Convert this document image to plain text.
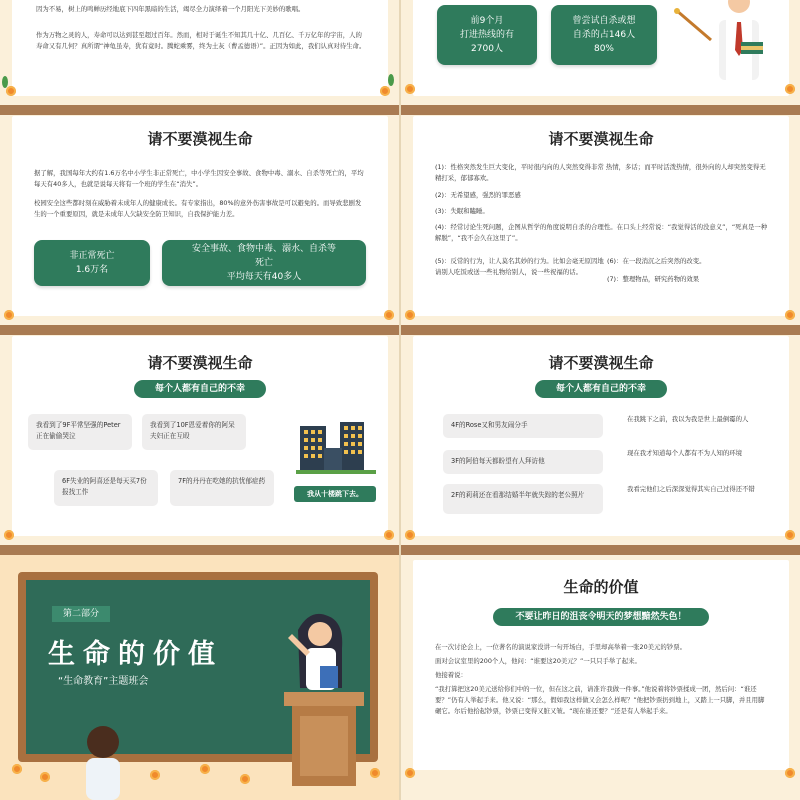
因为不易，树上的鸣蝉历经地底下四年黑暗的生活，竭尽全力演绎着一个月阳光下美妙的歌唱。
作为万物之灵的人，寿命可以达到甚至超过百年。然而，相对于诞生不知其几十亿、几百亿、千万亿年的宇宙，人的寿命又有几何？真所谓“神龟虽寿，犹有竟时。腾蛇乘雾，终为土灰（曹孟德语）”。正因为如此，我们认真对待生命。
前9个月
打进热线的有
2700人
曾尝试自杀或想
自杀的占146人
80%
请不要漠视生命
据了解，我国每年大约有1.6万名中小学生非正常死亡，中小学生因安全事故、食物中毒、溺水、自杀等死亡的，平均每天有40多人，也就是说每天将有一个班的学生在“消失”。
校园安全这些都时刻在威胁着未成年人的健康成长。有专家指出，80%的意外伤害事故是可以避免的。而导致悲剧发生的一个重要原因，就是未成年人欠缺安全防卫知识，自我保护能力差。
非正常死亡
1.6万名
安全事故、食物中毒、溺水、自杀等
死亡
平均每天有40多人
请不要漠视生命
(1)：性格突然发生巨大变化，平时很内向的人突然变得非常 热情，多话；而平时活泼热情，很外向的人却突然变得无精打采，郁郁寡欢。
(2)：无希望感，强烈的罪恶感
(3)：失眠和瞌睡。
(4)：经常讨论生死问题，企图从哲学的角度说明自杀的合理性。在口头上经常说：“我觉得活的没意义”，“死真是一种解脱”，“我不会久在这里了”。
(5)：反常的行为，让人莫名其妙的行为。比如会毫无原因地请别人吃饭或送一些礼物给别人，说一些祝福的话。
(6)：在一段消沉之后突然的改变。
(7)：整理物品，研究药物的效果
请不要漠视生命
每个人都有自己的不幸
我看到了9F平常坚强的Peter正在偷偷哭泣
我看到了10F恩爱着你的阿呆夫妇正在互殴
6F失业的阿喜还是每天买7份报找工作
7F的丹丹在吃她的抗忧郁症药
我从十楼跳下去。
请不要漠视生命
每个人都有自己的不幸
4F的Rose又和男友闹分手
3F的阿伯每天都盼望有人拜访他
2F的莉莉还在看那结婚半年就失踪的老公照片
在我跳下之前，我以为我是世上最倒霉的人
现在我才知道每个人都有不为人知的环境
我看完他们之后深深觉得其实自己过得还不错
第二部分
生命的价值
“生命教育”主题班会
生命的价值
不要让昨日的沮丧令明天的梦想黯然失色！
在一次讨论会上，一位著名的演说家没讲一句开场白，手里却高举着一张20美元的钞票。
面对会议室里的200个人，他问：“谁要这20美元？”一只只手举了起来。
他接着说：
“我打算把这20美元送给你们中的一位，但在这之前，请准许我做一件事。”他说着将钞票揉成一团，然后问：“谁还要？”仍有人举起手来。他又说：“那么，假如我这样做又会怎么样呢？”他把钞票扔到地上，又踏上一只脚，并且用脚碾它。尔后他拾起钞票，钞票已变得又脏又皱。“现在谁还要？”还是有人举起手来。
